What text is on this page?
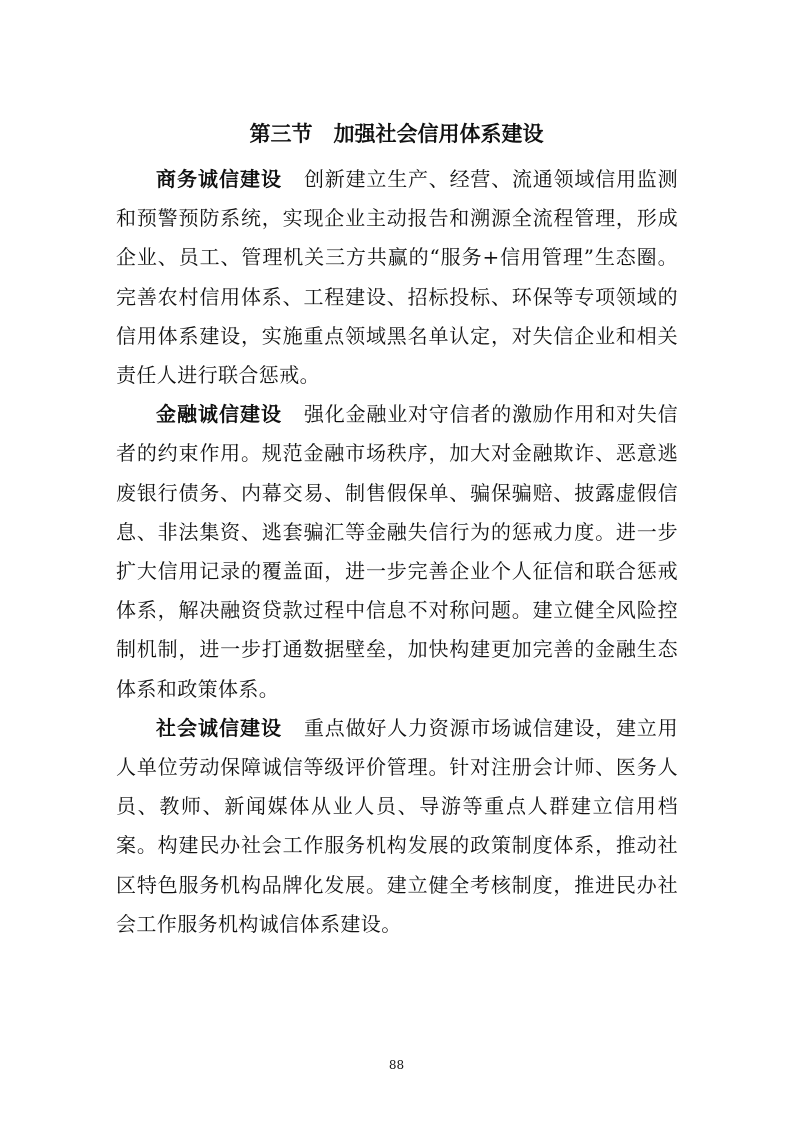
第三节　加强社会信用体系建设

商务诚信建设 创新建立生产、经营、流通领域信用监测和预警预防系统，实现企业主动报告和溯源全流程管理，形成企业、员工、管理机关三方共赢的“服务+信用管理”生态圈。完善农村信用体系、工程建设、招标投标、环保等专项领域的信用体系建设，实施重点领域黑名单认定，对失信企业和相关责任人进行联合惩戒。

金融诚信建设 强化金融业对守信者的激励作用和对失信者的约束作用。规范金融市场秩序，加大对金融欺诈、恶意逃废银行债务、内幕交易、制售假保单、骗保骗赔、披露虚假信息、非法集资、逃套骗汇等金融失信行为的惩戒力度。进一步扩大信用记录的覆盖面，进一步完善企业个人征信和联合惩戒体系，解决融资贷款过程中信息不对称问题。建立健全风险控制机制，进一步打通数据壁垒，加快构建更加完善的金融生态体系和政策体系。

社会诚信建设 重点做好人力资源市场诚信建设，建立用人单位劳动保障诚信等级评价管理。针对注册会计师、医务人员、教师、新闻媒体从业人员、导游等重点人群建立信用档案。构建民办社会工作服务机构发展的政策制度体系，推动社区特色服务机构品牌化发展。建立健全考核制度，推进民办社会工作服务机构诚信体系建设。

88
